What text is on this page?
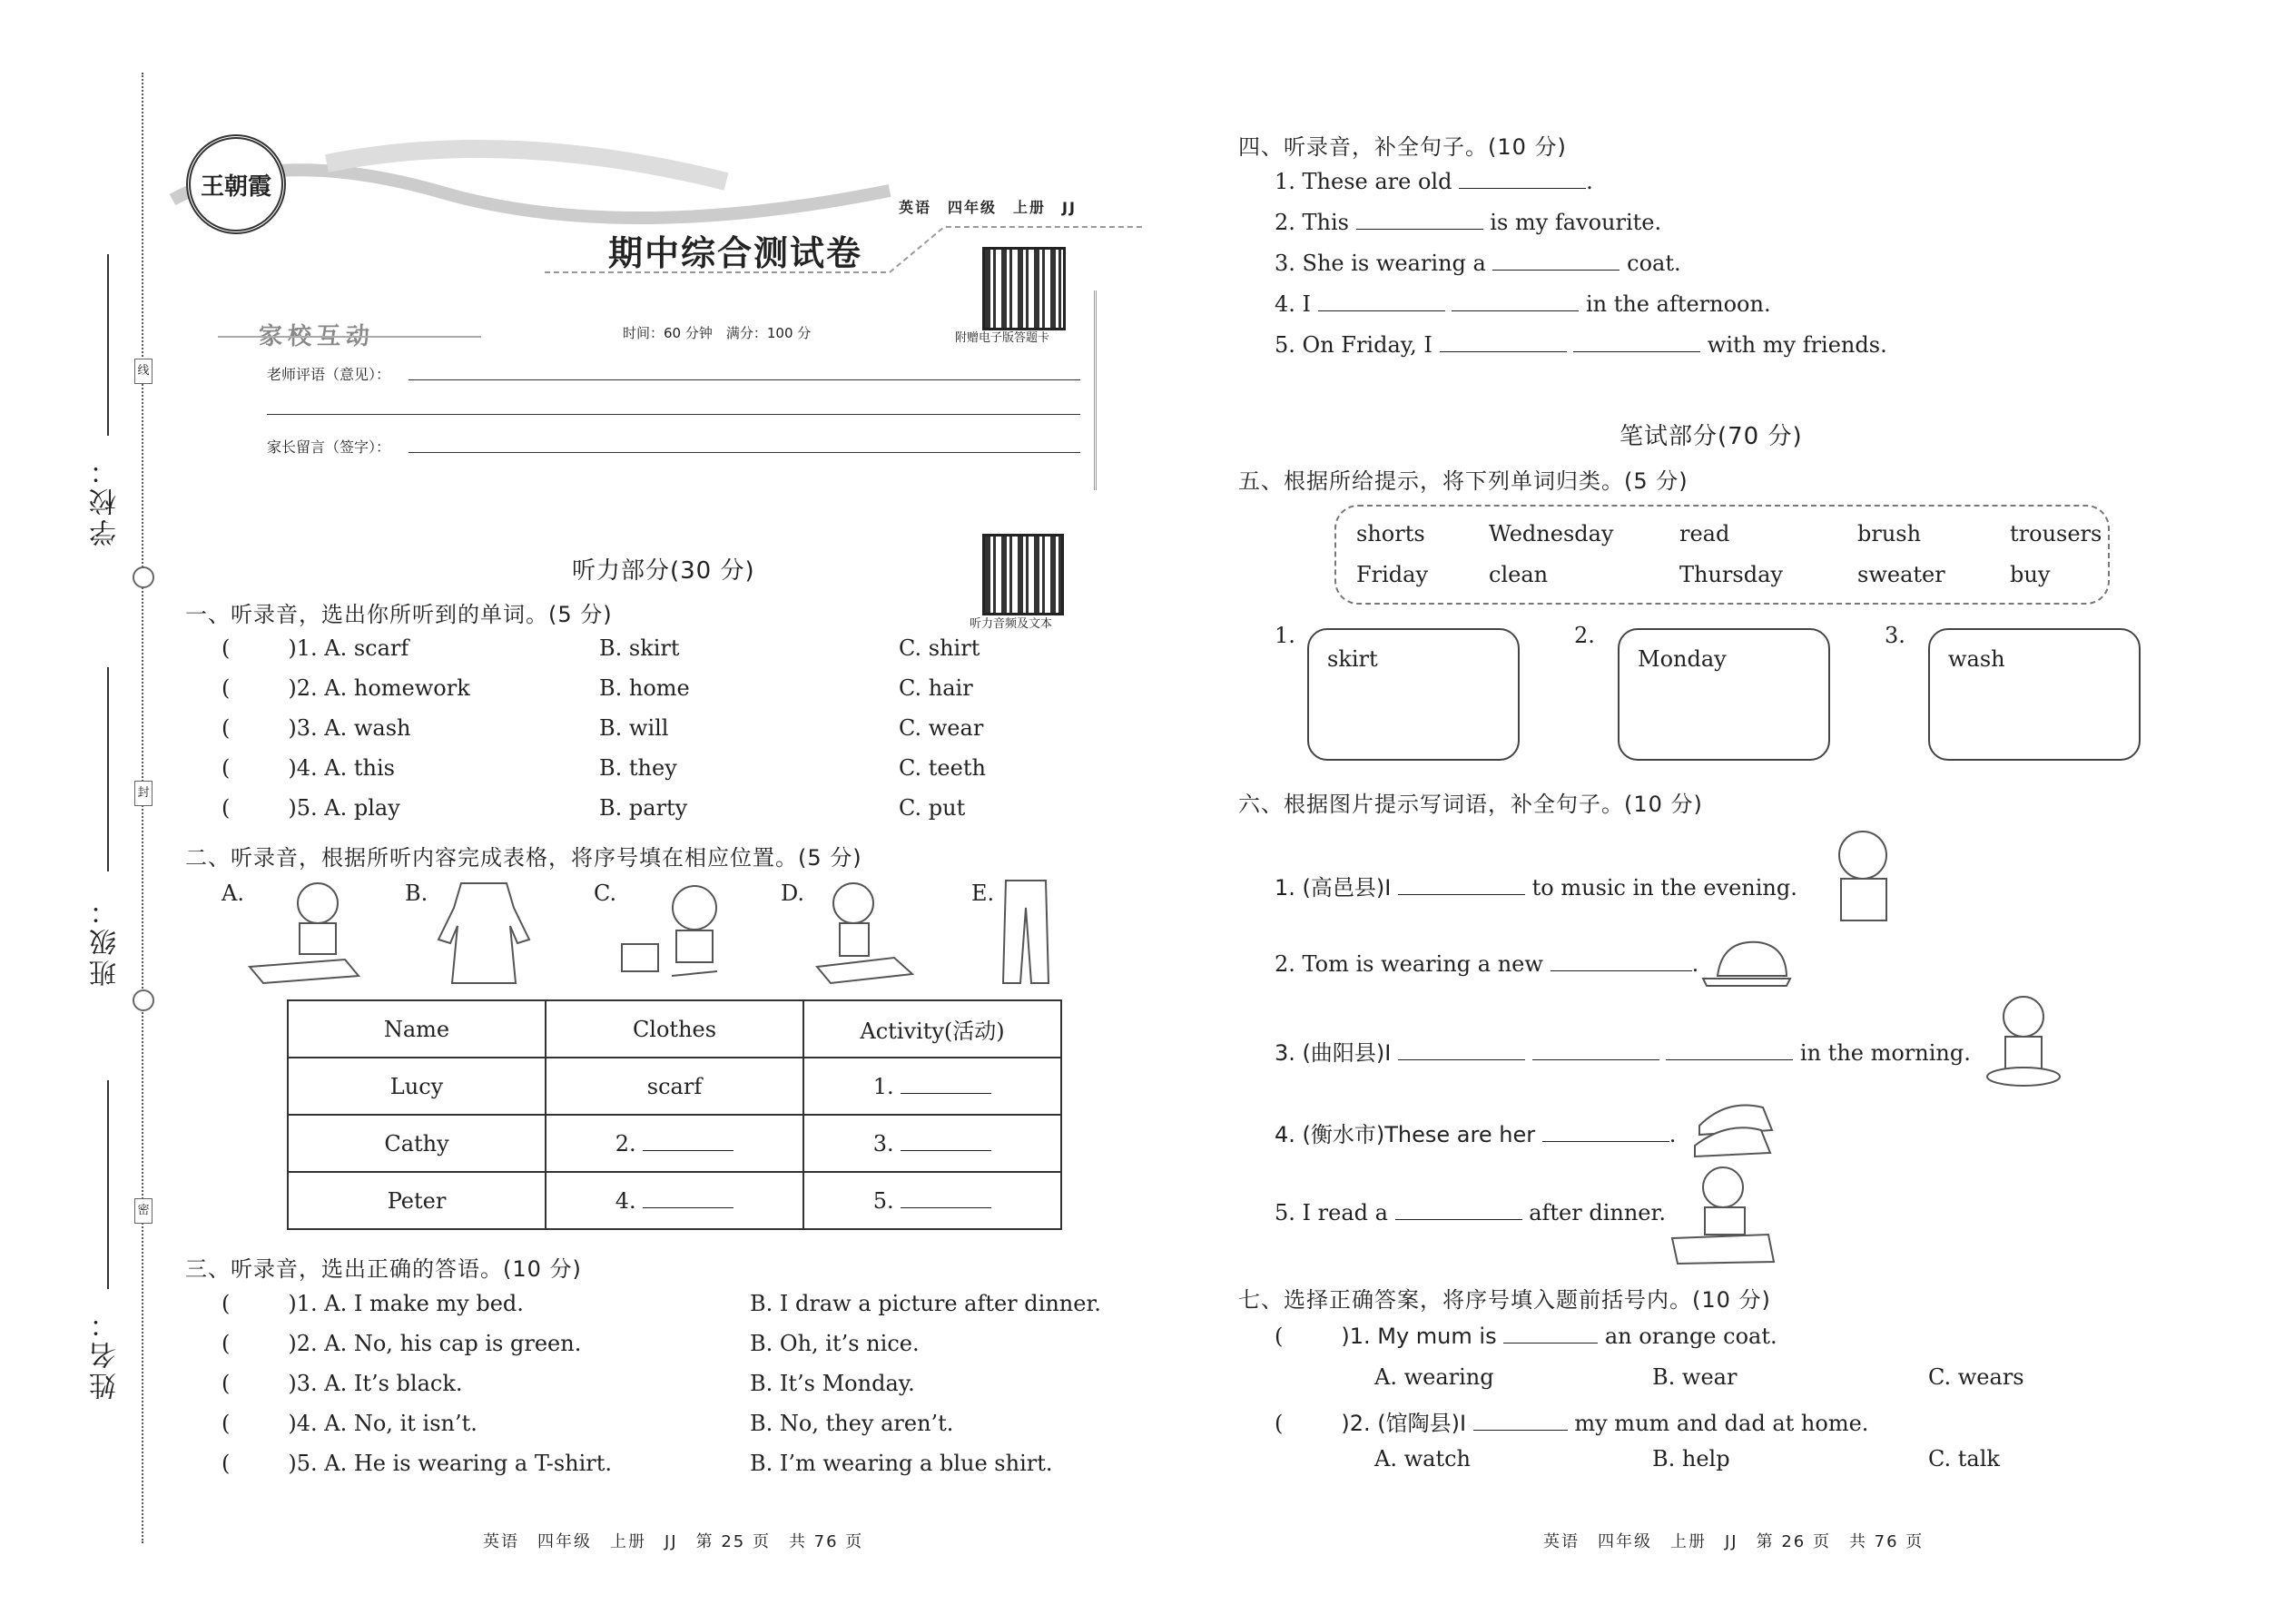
学校：
线
班级：
封
姓名：
密
王朝霞
期中综合测试卷
英语　四年级　上册　JJ
附赠电子版答题卡
家校互动	时间：60 分钟　满分：100 分
老师评语（意见）：
家长留言（签字）：
听力部分(30 分)
听力音频及文本
一、听录音，选出你所听到的单词。(5 分)
(	)1. A. scarf	B. skirt	C. shirt
(	)2. A. homework	B. home	C. hair
(	)3. A. wash	B. will	C. wear
(	)4. A. this	B. they	C. teeth
(	)5. A. play	B. party	C. put
二、听录音，根据所听内容完成表格，将序号填在相应位置。(5 分)
A.	B.	C.	D.	E.
Name	Clothes	Activity(活动)
Lucy	scarf	1.
Cathy	2.	3.
Peter	4.	5.
三、听录音，选出正确的答语。(10 分)
(	)1. A. I make my bed.	B. I draw a picture after dinner.
(	)2. A. No, his cap is green.	B. Oh, it’s nice.
(	)3. A. It’s black.	B. It’s Monday.
(	)4. A. No, it isn’t.	B. No, they aren’t.
(	)5. A. He is wearing a T-shirt.	B. I’m wearing a blue shirt.
英语　四年级　上册　JJ　第 25 页　共 76 页
四、听录音，补全句子。(10 分)
1. These are old	.
2. This	is my favourite.
3. She is wearing a	coat.
4. I	in the afternoon.
5. On Friday, I	with my friends.
笔试部分(70 分)
五、根据所给提示，将下列单词归类。(5 分)
shorts	Wednesday	read	brush	trousers
Friday	clean	Thursday	sweater	buy
1.
skirt
2.
Monday
3.
wash
六、根据图片提示写词语，补全句子。(10 分)
1. (高邑县)I	to music in the evening.
2. Tom is wearing a new	.
3. (曲阳县)I	in the morning.
4. (衡水市)These are her	.
5. I read a	after dinner.
七、选择正确答案，将序号填入题前括号内。(10 分)
(	)1. My mum is	an orange coat.
A. wearing	B. wear	C. wears
(	)2. (馆陶县)I	my mum and dad at home.
A. watch	B. help	C. talk
英语　四年级　上册　JJ　第 26 页　共 76 页
